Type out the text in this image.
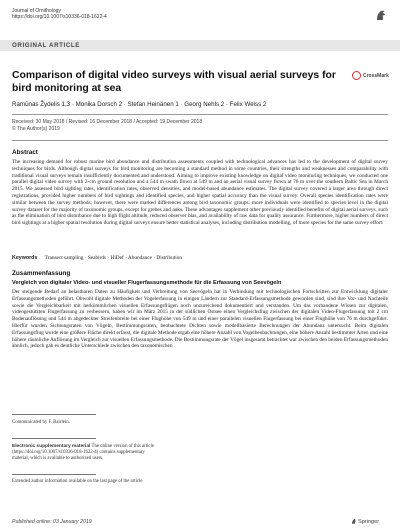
Journal of Ornithology
https://doi.org/10.1007/s10336-018-1622-4
ORIGINAL ARTICLE
Comparison of digital video surveys with visual aerial surveys for bird monitoring at sea
CrossMark
Ramūnas Žydelis 1,3 · Monika Dorsch 2 · Stefan Heinänen 1 · Georg Nehls 2 · Felix Weiss 2
Received: 30 May 2018 / Revised: 16 December 2018 / Accepted: 19 December 2018
© The Author(s) 2019
Abstract

The increasing demand for robust marine bird abundance and distribution assessments coupled with technological advances has led to the development of digital survey techniques for birds. Although digital surveys for bird monitoring are becoming a standard method in some countries, their strengths and weaknesses and comparability with traditional visual surveys remain insufficiently documented and understood. Aiming to improve existing knowledge on digital video monitoring techniques, we conducted one parallel digital video survey with 2-cm ground resolution and a 544 m swath flown at 549 m and an aerial visual survey flown at 76 m over the southern Baltic Sea in March 2015. We assessed bird sighting rates, identification rates, observed densities, and model-based abundance estimates. The digital survey covered a larger area through direct registrations, provided higher numbers of bird sightings and identified species, and higher spatial accuracy than the visual survey. Overall species identification rates were similar between the survey methods; however, there were marked differences among bird taxonomic groups: more individuals were identified to species level in the digital survey dataset for the majority of taxonomic groups, except for grebes and auks. These advantages supplement other previously identified benefits of digital aerial surveys, such as the elimination of bird disturbance due to high flight altitude, reduced observer bias, and availability of raw data for quality assurance. Furthermore, higher numbers of direct bird sightings at a higher spatial resolution during digital surveys ensure better statistical analyses, including distribution modelling, of more species for the same survey effort.

Keywords Transect sampling · Seabirds · HiDef · Abundance · Distribution
Zusammenfassung
Vergleich von digitaler Video- und visueller Flugerfassungsmethode für die Erfassung von Seevögeln

Der steigende Bedarf an belastbaren Daten zu Häufigkeit und Verbreitung von Seevögeln hat in Verbindung mit technologischen Fortschritten zur Entwicklung digitaler Erfassungsmethoden geführt. Obwohl digitale Methoden der Vogelerfassung in einigen Ländern zur Standard-Erfassungsmethode geworden sind, sind ihre Vor- und Nachteile sowie die Vergleichbarkeit mit herkömmlichen visuellen Erfassungsflügen noch unzureichend dokumentiert und verstanden. Um das vorhandene Wissen zur digitalen, videogestützten Flugerfassung zu verbessern, haben wir im März 2015 in der südlichen Ostsee einen Vergleichsflug zwischen der digitalen Video-Flugerfassung mit 2 cm Bodenauflösung und 544 m abgedeckter Streifenbreite bei einer Flughöhe von 549 m und einer parallelen visuellen Flugerfassung bei einer Flughöhe von 76 m durchgeführt. Hierfür wurden Sichtungsraten von Vögeln, Bestimmungsraten, beobachtete Dichten sowie modellbasierte Berechnungen der Abundanz untersucht. Beim digitalen Erfassungsflug wurde eine größere Fläche direkt erfasst, die digitale Methode ergab eine höhere Anzahl von Vogelbeobachtungen, eine höhere Anzahl bestimmter Arten und eine höhere räumliche Auflösung im Vergleich zur visuellen Erfassungsmethode. Die Bestimmungsrate der Vögel insgesamt betrachtet war zwischen den beiden Erfassungsmethoden ähnlich, jedoch gab es deutliche Unterschiede zwischen den taxonomischen

Communicated by F. Bairlein.

Electronic supplementary material The online version of this article (https://doi.org/10.1007/s10336-018-1622-4) contains supplementary material, which is available to authorized users.

Extended author information available on the last page of the article

Published online: 03 January 2019	Springer
